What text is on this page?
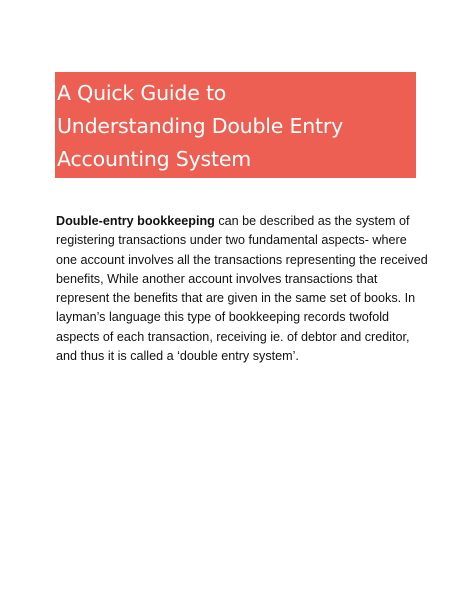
A Quick Guide to
Understanding Double Entry
Accounting System

Double-entry bookkeeping can be described as the system of
registering transactions under two fundamental aspects- where
one account involves all the transactions representing the received
benefits, While another account involves transactions that
represent the benefits that are given in the same set of books. In
layman’s language this type of bookkeeping records twofold
aspects of each transaction, receiving ie. of debtor and creditor,
and thus it is called a ‘double entry system’.
